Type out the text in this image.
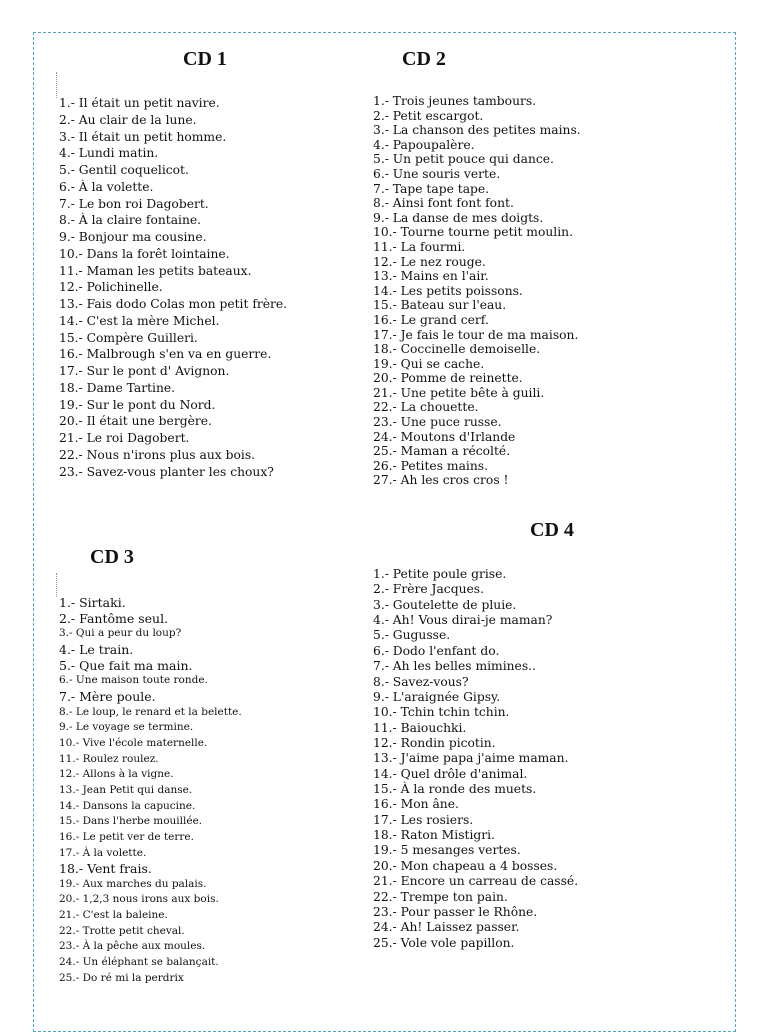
CD 1
1.- Il était un petit navire.
2.- Au clair de la lune.
3.- Il était un petit homme.
4.- Lundi matin.
5.- Gentil coquelicot.
6.- À la volette.
7.- Le bon roi Dagobert.
8.- À la claire fontaine.
9.- Bonjour ma cousine.
10.- Dans la forêt lointaine.
11.- Maman les petits bateaux.
12.- Polichinelle.
13.- Fais dodo Colas mon petit frère.
14.- C'est la mère Michel.
15.- Compère Guilleri.
16.- Malbrough s'en va en guerre.
17.- Sur le pont d' Avignon.
18.- Dame Tartine.
19.- Sur le pont du Nord.
20.- Il était une bergère.
21.- Le roi Dagobert.
22.- Nous n'irons plus aux bois.
23.- Savez-vous planter les choux?
CD 2
1.- Trois jeunes tambours.
2.- Petit escargot.
3.- La chanson des petites mains.
4.- Papoupalère.
5.- Un petit pouce qui dance.
6.- Une souris verte.
7.- Tape tape tape.
8.- Ainsi font font font.
9.- La danse de mes doigts.
10.- Tourne tourne petit moulin.
11.- La fourmi.
12.- Le nez rouge.
13.- Mains en l'air.
14.- Les petits poissons.
15.- Bateau sur l'eau.
16.- Le grand cerf.
17.- Je fais le tour de ma maison.
18.- Coccinelle demoiselle.
19.- Qui se cache.
20.- Pomme de reinette.
21.- Une petite bête à guili.
22.- La chouette.
23.- Une puce russe.
24.- Moutons d'Irlande
25.- Maman a récolté.
26.- Petites mains.
27.- Ah les cros cros !
CD 3
1.- Sirtaki.
2.- Fantôme seul.
3.- Qui a peur du loup?
4.- Le train.
5.- Que fait ma main.
6.- Une maison toute ronde.
7.- Mère poule.
8.- Le loup, le renard et la belette.
9.- Le voyage se termine.
10.- Vive l'école maternelle.
11.- Roulez roulez.
12.- Allons à la vigne.
13.- Jean Petit qui danse.
14.- Dansons la capucine.
15.- Dans l'herbe mouillée.
16.- Le petit ver de terre.
17.- À la volette.
18.- Vent frais.
19.- Aux marches du palais.
20.- 1,2,3 nous irons aux bois.
21.- C'est la baleine.
22.- Trotte petit cheval.
23.- À la pêche aux moules.
24.- Un éléphant se balançait.
25.- Do ré mi la perdrix
CD 4
1.- Petite poule grise.
2.- Frère Jacques.
3.- Goutelette de pluie.
4.- Ah! Vous dirai-je maman?
5.- Gugusse.
6.- Dodo l'enfant do.
7.- Ah les belles mimines..
8.- Savez-vous?
9.- L'araignée Gipsy.
10.- Tchin tchin tchin.
11.- Baiouchki.
12.- Rondin picotin.
13.- J'aime papa j'aime maman.
14.- Quel drôle d'animal.
15.- À la ronde des muets.
16.- Mon âne.
17.- Les rosiers.
18.- Raton Mistigri.
19.- 5 mesanges vertes.
20.- Mon chapeau a 4 bosses.
21.- Encore un carreau de cassé.
22.- Trempe ton pain.
23.- Pour passer le Rhône.
24.- Ah! Laissez passer.
25.- Vole vole papillon.
